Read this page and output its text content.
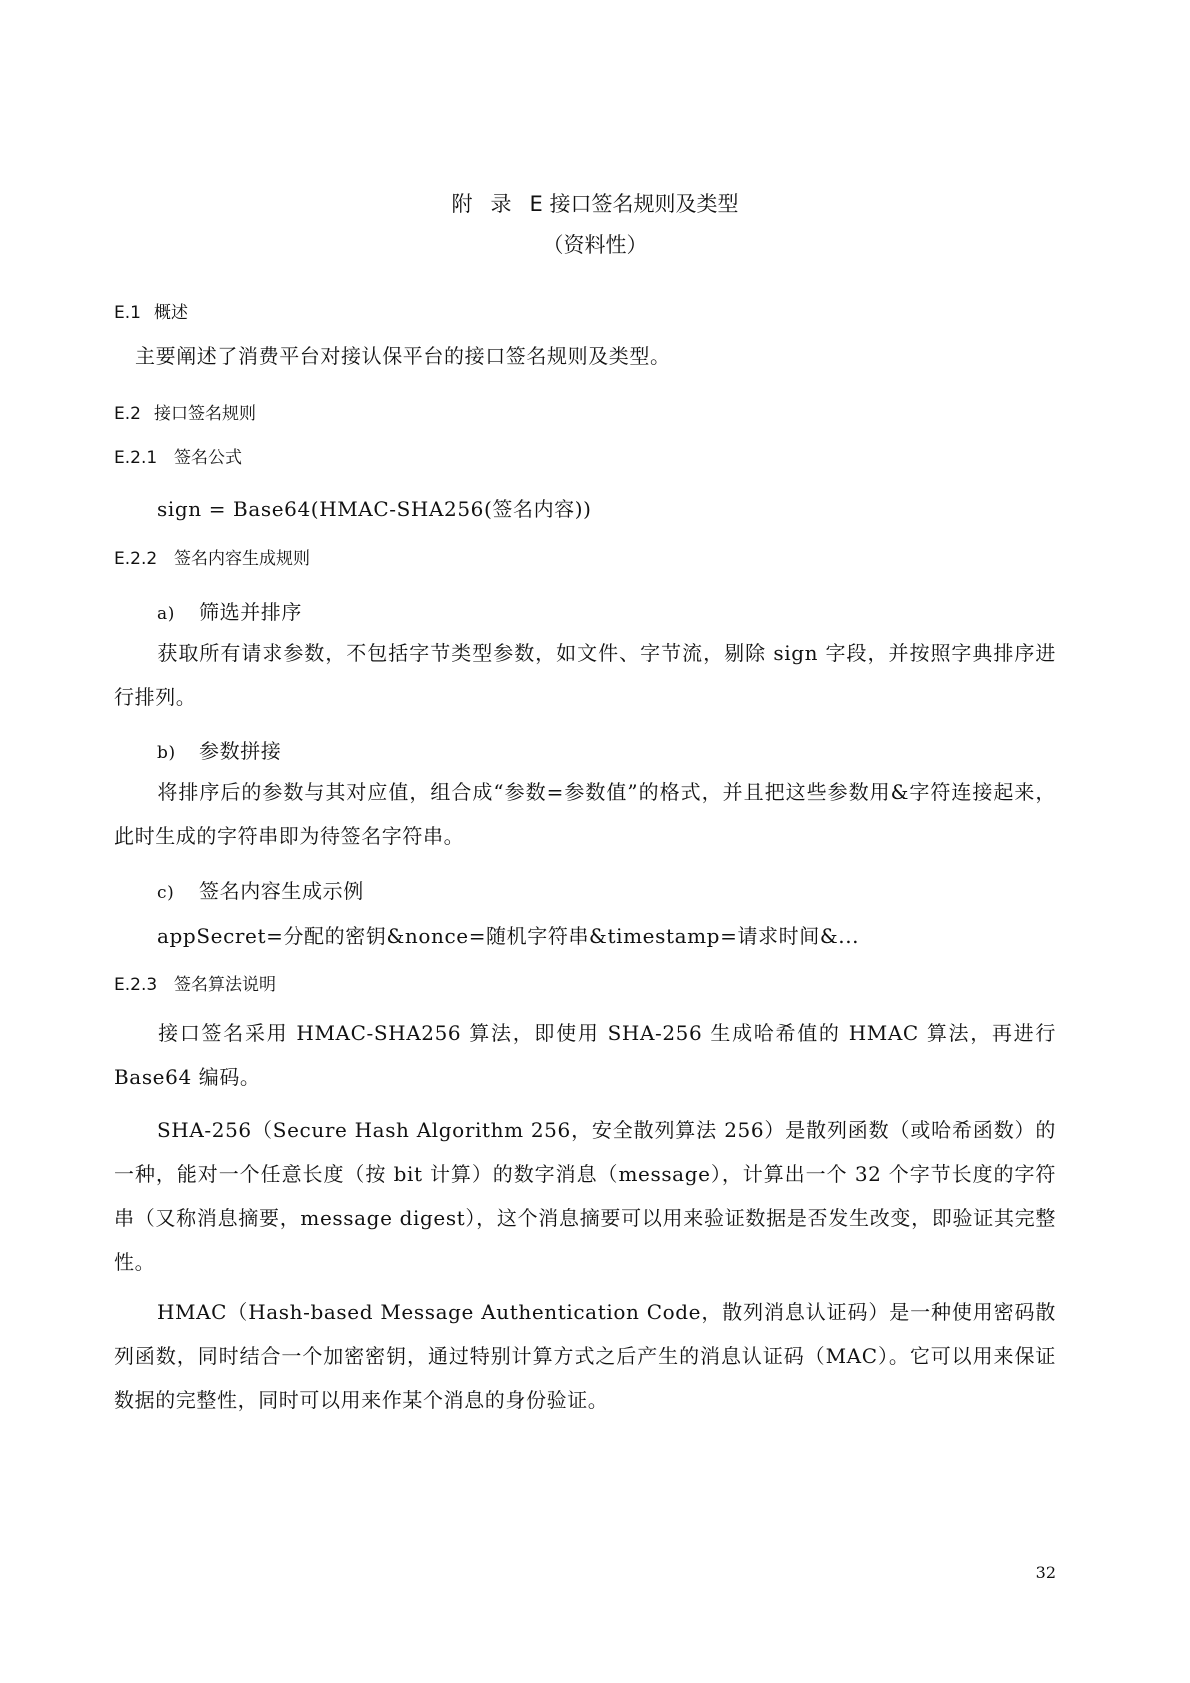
附 录 E 接口签名规则及类型
（资料性）
E.1 概述
主要阐述了消费平台对接认保平台的接口签名规则及类型。
E.2 接口签名规则
E.2.1 签名公式
sign = Base64(HMAC-SHA256(签名内容))
E.2.2 签名内容生成规则
a) 筛选并排序
获取所有请求参数，不包括字节类型参数，如文件、字节流，剔除 sign 字段，并按照字典排序进行排列。
b) 参数拼接
将排序后的参数与其对应值，组合成“参数=参数值”的格式，并且把这些参数用&字符连接起来，此时生成的字符串即为待签名字符串。
c) 签名内容生成示例
appSecret=分配的密钥&nonce=随机字符串&timestamp=请求时间&...
E.2.3 签名算法说明
接口签名采用 HMAC-SHA256 算法，即使用 SHA-256 生成哈希值的 HMAC 算法，再进行 Base64 编码。
SHA-256（Secure Hash Algorithm 256，安全散列算法 256）是散列函数（或哈希函数）的一种，能对一个任意长度（按 bit 计算）的数字消息（message），计算出一个 32 个字节长度的字符串（又称消息摘要，message digest），这个消息摘要可以用来验证数据是否发生改变，即验证其完整性。
HMAC（Hash-based Message Authentication Code，散列消息认证码）是一种使用密码散列函数，同时结合一个加密密钥，通过特别计算方式之后产生的消息认证码（MAC）。它可以用来保证数据的完整性，同时可以用来作某个消息的身份验证。
32
